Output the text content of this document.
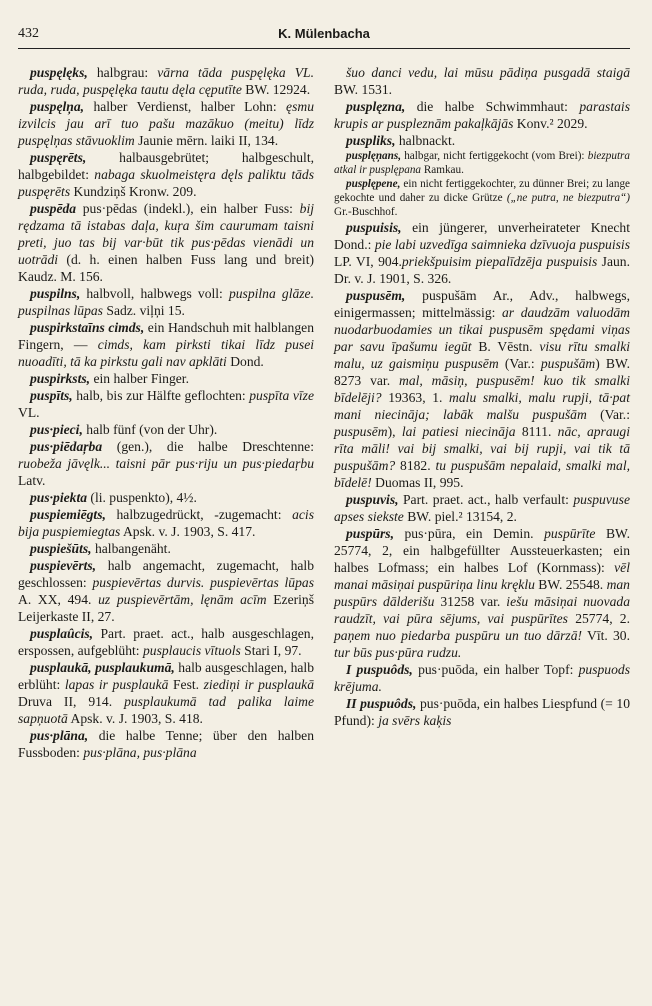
432	K. Mülenbacha

puspęlęks, halbgrau: vārna tāda puspęlęka VL. ruda, ruda, puspęlęka tautu dęla cęputīte BW. 12924.

puspęlņa, halber Verdienst, halber Lohn: ęsmu izvilcis jau arī tuo pašu mazākuo (meitu) līdz puspęlņas stāvuoklim Jaunie mērn. laiki II, 134.

puspęrēts, halbausgebrütet; halbgeschult, halbgebildet: nabaga skuolmeistęra dęls paliktu tāds puspęrēts Kundziņš Kronw. 209.

puspēda pus·pēdas (indekl.), ein halber Fuss: bij rędzama tā istabas daļa, kuŗa šim caurumam taisni preti, juo tas bij var·būt tik pus·pēdas vienādi un uotrādi (d. h. einen halben Fuss lang und breit) Kaudz. M. 156.

puspilns, halbvoll, halbwegs voll: puspilna glāze. puspilnas lūpas Sadz. viļņi 15.

puspirkstaīns cimds, ein Handschuh mit halblangen Fingern, — cimds, kam pirksti tikai līdz pusei nuoadīti, tā ka pirkstu gali nav apklāti Dond.

puspirksts, ein halber Finger.

puspīts, halb, bis zur Hälfte geflochten: puspīta vīze VL.

pus·pieci, halb fünf (von der Uhr).

pus·piēdaŗba (gen.), die halbe Dreschtenne: ruobeža jāvęlk... taisni pār pus·riju un pus·piedaŗbu Latv.

pus·piekta (li. puspenkto), 4½.

puspiemiēgts, halbzugedrückt, -zugemacht: acis bija puspiemiegtas Apsk. v. J. 1903, S. 417.

puspiešūts, halbangenäht.

puspievērts, halb angemacht, zugemacht, halb geschlossen: puspievērtas durvis. puspievērtas lūpas A. XX, 494. uz puspievērtām, lęnām acīm Ezeriņš Leijerkaste II, 27.

pusplaûcis, Part. praet. act., halb ausgeschlagen, erspossen, aufgeblüht: pusplaucis vītuols Stari I, 97.

pusplaukā, pusplaukumā, halb ausgeschlagen, halb erblüht: lapas ir pusplaukā Fest. ziediņi ir pusplaukā Druva II, 914. pusplaukumā tad palika laime sapņuotā Apsk. v. J. 1903, S. 418.

pus·plāna, die halbe Tenne; über den halben Fussboden: pus·plāna, pus·plāna

šuo danci vedu, lai mūsu pādiņa pusgadā staigā BW. 1531.

pusplęzna, die halbe Schwimmhaut: parastais krupis ar puspleznām pakaļkājās Konv.² 2029.

puspliks, halbnackt.

pusplęņans, halbgar, nicht fertiggekocht (vom Brei): biezputra atkal ir pusplępana Ramkau.

pusplępene, ein nicht fertiggekochter, zu dünner Brei; zu lange gekochte und daher zu dicke Grütze („ne putra, ne biezputra“) Gr.-Buschhof.

puspuisis, ein jüngerer, unverheirateter Knecht Dond.: pie labi uzvedīga saimnieka dzīvuoja puspuisis LP. VI, 904.priekšpuisim piepalīdzēja puspuisis Jaun. Dr. v. J. 1901, S. 326.

puspusēm, puspušām Ar., Adv., halbwegs, einigermassen; mittelmässig: ar daudzām valuodām nuodarbuodamies un tikai puspusēm spędami viņas par savu īpašumu iegūt B. Vēstn. visu rītu smalki malu, uz gaismiņu puspusēm (Var.: puspušām) BW. 8273 var. mal, māsiņ, puspusēm! kuo tik smalki bīdelēji? 19363, 1. malu smalki, malu rupji, tā·pat mani niecināja; labāk malšu puspušām (Var.: puspusēm), lai patiesi niecināja 8111. nāc, apraugi rīta māli! vai bij smalki, vai bij rupji, vai tik tā puspušām? 8182. tu puspušām nepalaid, smalki mal, bīdelē! Duomas II, 995.

puspuvis, Part. praet. act., halb verfault: puspuvuse apses siekste BW. piel.² 13154, 2.

puspūrs, pus·pūra, ein Demin. puspūrīte BW. 25774, 2, ein halbgefüllter Aussteuerkasten; ein halbes Lofmass; ein halbes Lof (Kornmass): vēl manai māsiņai puspūriņa linu kręklu BW. 25548. man puspūrs dālderišu 31258 var. iešu māsiņai nuovada raudzīt, vai pūra sējums, vai puspūrītes 25774, 2. paņem nuo piedarba puspūru un tuo dārzā! Vīt. 30. tur būs pus·pūra rudzu.

I puspuôds, pus·puōda, ein halber Topf: puspuods krējuma.

II puspuôds, pus·puōda, ein halbes Liespfund (= 10 Pfund): ja svērs kaķis
